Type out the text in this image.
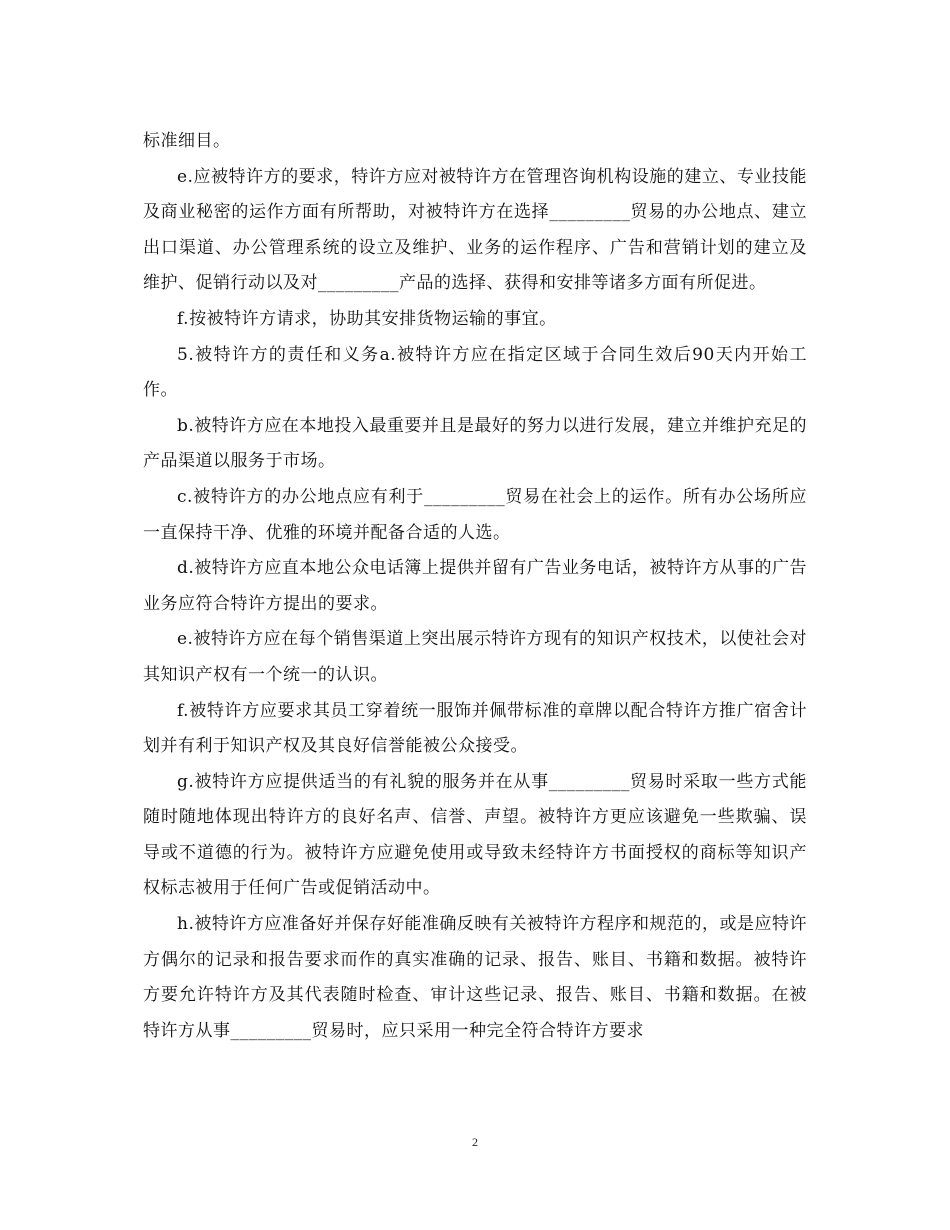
标准细目。

e.应被特许方的要求，特许方应对被特许方在管理咨询机构设施的建立、专业技能及商业秘密的运作方面有所帮助，对被特许方在选择_________贸易的办公地点、建立出口渠道、办公管理系统的设立及维护、业务的运作程序、广告和营销计划的建立及维护、促销行动以及对_________产品的选择、获得和安排等诸多方面有所促进。

f.按被特许方请求，协助其安排货物运输的事宜。

5.被特许方的责任和义务a.被特许方应在指定区域于合同生效后90天内开始工作。

b.被特许方应在本地投入最重要并且是最好的努力以进行发展，建立并维护充足的产品渠道以服务于市场。

c.被特许方的办公地点应有利于_________贸易在社会上的运作。所有办公场所应一直保持干净、优雅的环境并配备合适的人选。

d.被特许方应直本地公众电话簿上提供并留有广告业务电话，被特许方从事的广告业务应符合特许方提出的要求。

e.被特许方应在每个销售渠道上突出展示特许方现有的知识产权技术，以使社会对其知识产权有一个统一的认识。

f.被特许方应要求其员工穿着统一服饰并佩带标准的章牌以配合特许方推广宿舍计划并有利于知识产权及其良好信誉能被公众接受。

g.被特许方应提供适当的有礼貌的服务并在从事_________贸易时采取一些方式能随时随地体现出特许方的良好名声、信誉、声望。被特许方更应该避免一些欺骗、误导或不道德的行为。被特许方应避免使用或导致未经特许方书面授权的商标等知识产权标志被用于任何广告或促销活动中。

h.被特许方应准备好并保存好能准确反映有关被特许方程序和规范的，或是应特许方偶尔的记录和报告要求而作的真实准确的记录、报告、账目、书籍和数据。被特许方要允许特许方及其代表随时检查、审计这些记录、报告、账目、书籍和数据。在被特许方从事_________贸易时，应只采用一种完全符合特许方要求

2
